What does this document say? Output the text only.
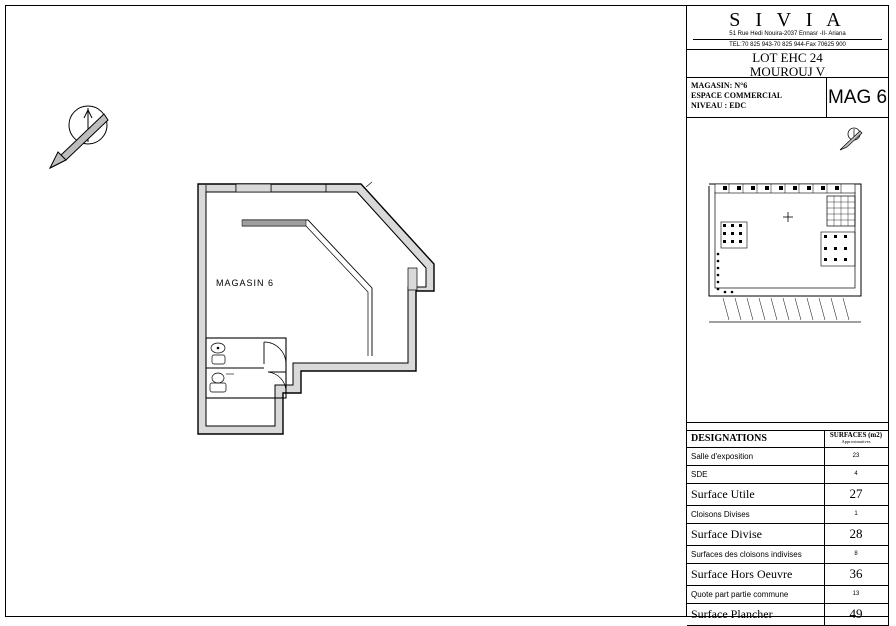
MAGASIN 6
S I V I A
51 Rue Hedi Nouira-2037 Ennasr -II- Ariana
TEL:70 825 943-70 825 944-Fax 70625 900
LOT EHC 24
MOUROUJ V
MAGASIN: N°6
ESPACE COMMERCIAL
NIVEAU : EDC	MAG 6
DESIGNATIONS	SURFACES (m2)
Approximatives

Salle d'exposition	23
SDE	4
Surface Utile	27
Cloisons Divises	1
Surface Divise	28
Surfaces des cloisons indivises	8
Surface Hors Oeuvre	36
Quote part partie commune	13
Surface Plancher	49
